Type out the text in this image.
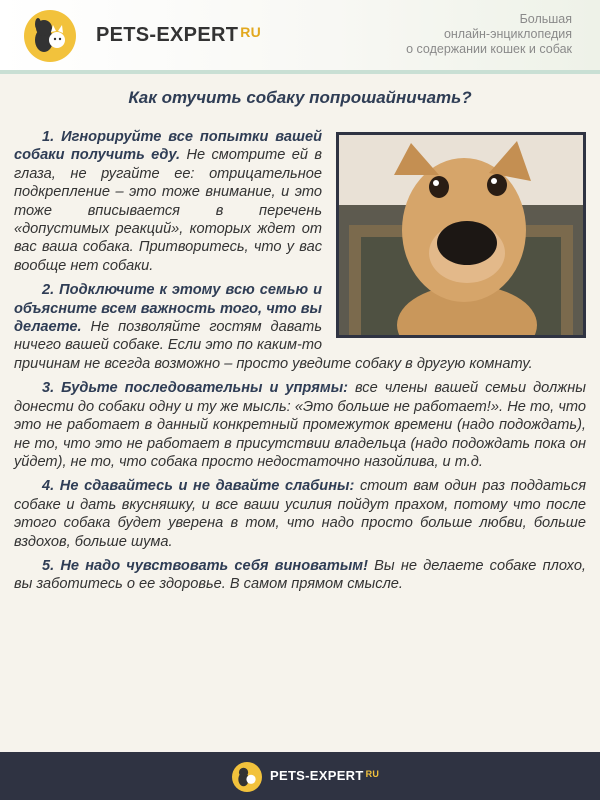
PETS-EXPERT $^{RU}$
Большая
онлайн-энциклопедия
о содержании кошек и собак
Как отучить собаку попрошайничать?

1. Игнорируйте все попытки вашей собаки получить еду. Не смотрите ей в глаза, не ругайте ее: отрицательное подкрепление – это тоже внимание, и это тоже вписывается в перечень «допустимых реакций», которых ждет от вас ваша собака. Притворитесь, что у вас вообще нет собаки.

2. Подключите к этому всю семью и объясните всем важность того, что вы делаете. Не позволяйте гостям давать ничего вашей собаке. Если это по каким-то причинам не всегда возможно – просто уведите собаку в другую комнату.

3. Будьте последовательны и упрямы: все члены вашей семьи должны донести до собаки одну и ту же мысль: «Это больше не работает!». Не то, что это не работает в данный конкретный промежуток времени (надо подождать), не то, что это не работает в присутствии владельца (надо подождать пока он уйдет), не то, что собака просто недостаточно назойлива, и т.д.

4. Не сдавайтесь и не давайте слабины: стоит вам один раз поддаться собаке и дать вкусняшку, и все ваши усилия пойдут прахом, потому что после этого собака будет уверена в том, что надо просто больше любви, больше вздохов, больше шума.

5. Не надо чувствовать себя виноватым! Вы не делаете собаке плохо, вы заботитесь о ее здоровье. В самом прямом смысле.

PETS-EXPERT $^{RU}$
